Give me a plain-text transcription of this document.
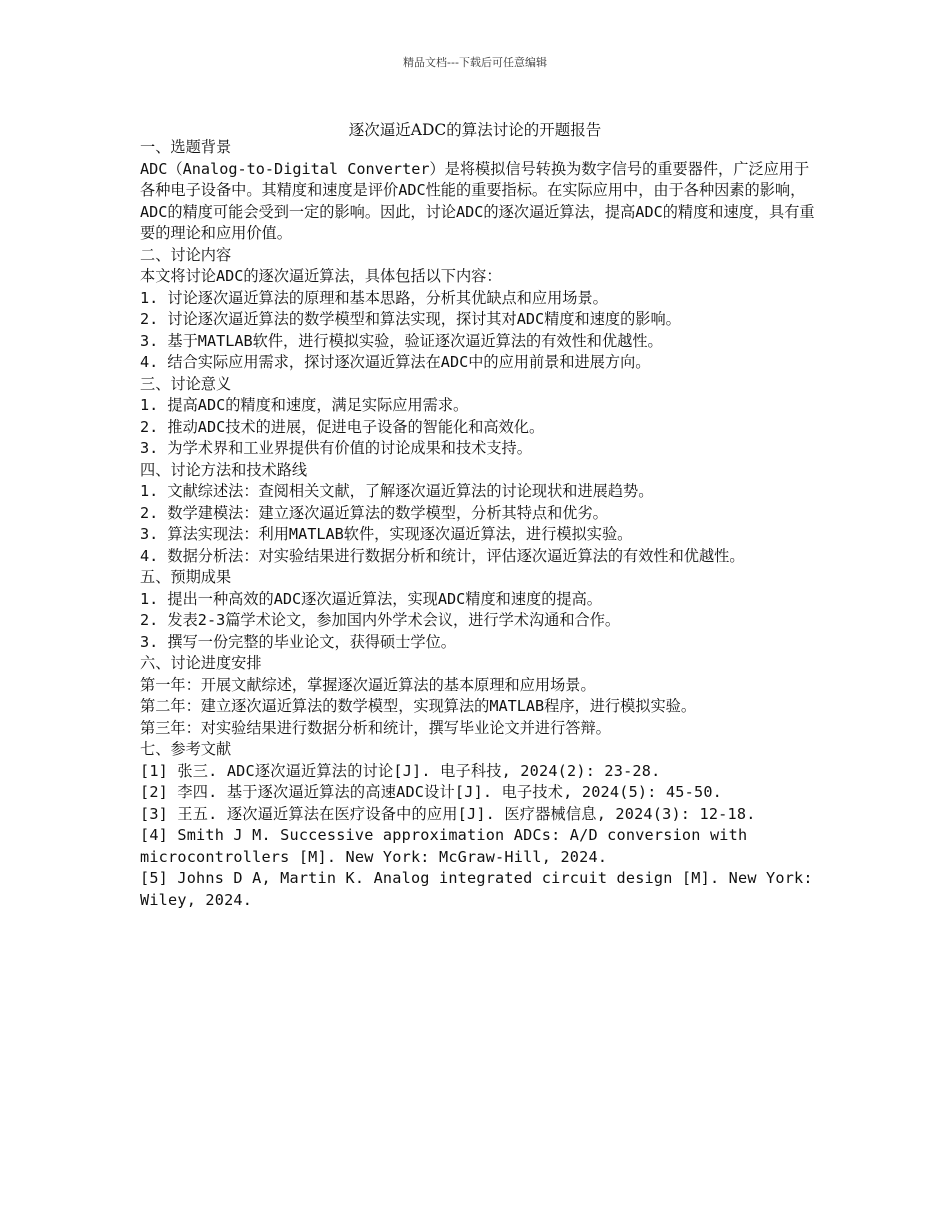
精品文档---下载后可任意编辑
逐次逼近ADC的算法讨论的开题报告

一、选题背景

ADC（Analog-to-Digital Converter）是将模拟信号转换为数字信号的重要器件，广泛应用于各种电子设备中。其精度和速度是评价ADC性能的重要指标。在实际应用中，由于各种因素的影响，ADC的精度可能会受到一定的影响。因此，讨论ADC的逐次逼近算法，提高ADC的精度和速度，具有重要的理论和应用价值。

二、讨论内容

本文将讨论ADC的逐次逼近算法，具体包括以下内容：

1. 讨论逐次逼近算法的原理和基本思路，分析其优缺点和应用场景。

2. 讨论逐次逼近算法的数学模型和算法实现，探讨其对ADC精度和速度的影响。

3. 基于MATLAB软件，进行模拟实验，验证逐次逼近算法的有效性和优越性。

4. 结合实际应用需求，探讨逐次逼近算法在ADC中的应用前景和进展方向。

三、讨论意义

1. 提高ADC的精度和速度，满足实际应用需求。

2. 推动ADC技术的进展，促进电子设备的智能化和高效化。

3. 为学术界和工业界提供有价值的讨论成果和技术支持。

四、讨论方法和技术路线

1. 文献综述法：查阅相关文献，了解逐次逼近算法的讨论现状和进展趋势。

2. 数学建模法：建立逐次逼近算法的数学模型，分析其特点和优劣。

3. 算法实现法：利用MATLAB软件，实现逐次逼近算法，进行模拟实验。

4. 数据分析法：对实验结果进行数据分析和统计，评估逐次逼近算法的有效性和优越性。

五、预期成果

1. 提出一种高效的ADC逐次逼近算法，实现ADC精度和速度的提高。

2. 发表2-3篇学术论文，参加国内外学术会议，进行学术沟通和合作。

3. 撰写一份完整的毕业论文，获得硕士学位。

六、讨论进度安排

第一年：开展文献综述，掌握逐次逼近算法的基本原理和应用场景。

第二年：建立逐次逼近算法的数学模型，实现算法的MATLAB程序，进行模拟实验。

第三年：对实验结果进行数据分析和统计，撰写毕业论文并进行答辩。

七、参考文献

[1] 张三. ADC逐次逼近算法的讨论[J]. 电子科技, 2024(2): 23-28.

[2] 李四. 基于逐次逼近算法的高速ADC设计[J]. 电子技术, 2024(5): 45-50.

[3] 王五. 逐次逼近算法在医疗设备中的应用[J]. 医疗器械信息, 2024(3): 12-18.

[4] Smith J M. Successive approximation ADCs: A/D conversion with microcontrollers [M]. New York: McGraw-Hill, 2024.

[5] Johns D A, Martin K. Analog integrated circuit design [M]. New York: Wiley, 2024.
